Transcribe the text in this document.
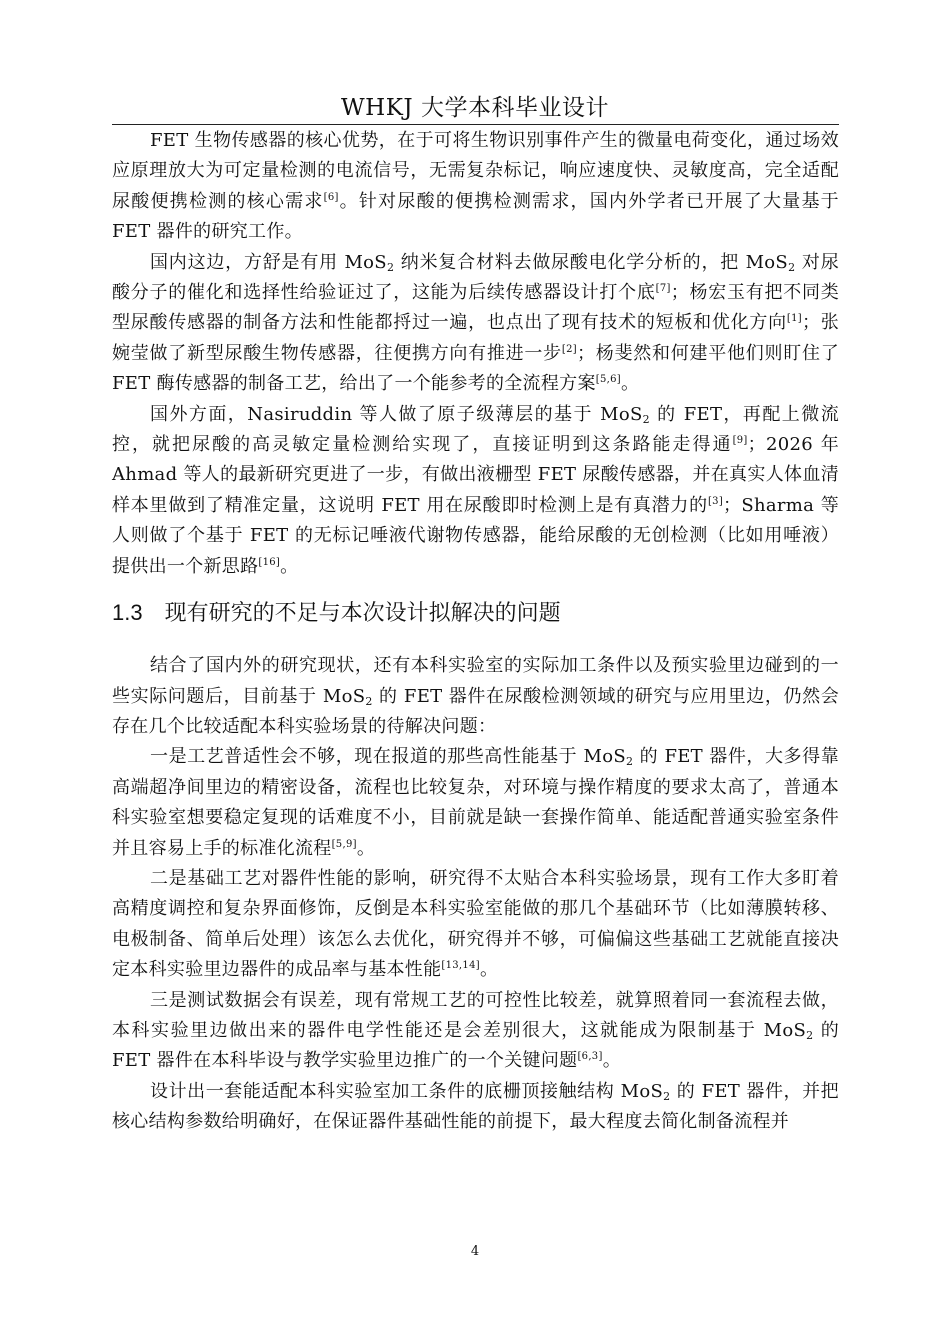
WHKJ 大学本科毕业设计

FET 生物传感器的核心优势，在于可将生物识别事件产生的微量电荷变化，通过场效应原理放大为可定量检测的电流信号，无需复杂标记，响应速度快、灵敏度高，完全适配尿酸便携检测的核心需求[6]。针对尿酸的便携检测需求，国内外学者已开展了大量基于 FET 器件的研究工作。

国内这边，方舒是有用 MoS$_2$ 纳米复合材料去做尿酸电化学分析的，把 MoS$_2$ 对尿酸分子的催化和选择性给验证过了，这能为后续传感器设计打个底[7]；杨宏玉有把不同类型尿酸传感器的制备方法和性能都捋过一遍，也点出了现有技术的短板和优化方向[1]；张婉莹做了新型尿酸生物传感器，往便携方向有推进一步[2]；杨斐然和何建平他们则盯住了 FET 酶传感器的制备工艺，给出了一个能参考的全流程方案[5,6]。

国外方面，Nasiruddin 等人做了原子级薄层的基于 MoS$_2$ 的 FET，再配上微流控，就把尿酸的高灵敏定量检测给实现了，直接证明到这条路能走得通[9]；2026 年 Ahmad 等人的最新研究更进了一步，有做出液栅型 FET 尿酸传感器，并在真实人体血清样本里做到了精准定量，这说明 FET 用在尿酸即时检测上是有真潜力的[3]；Sharma 等人则做了个基于 FET 的无标记唾液代谢物传感器，能给尿酸的无创检测（比如用唾液）提供出一个新思路[16]。

1.3 现有研究的不足与本次设计拟解决的问题

结合了国内外的研究现状，还有本科实验室的实际加工条件以及预实验里边碰到的一些实际问题后，目前基于 MoS$_2$ 的 FET 器件在尿酸检测领域的研究与应用里边，仍然会存在几个比较适配本科实验场景的待解决问题：

一是工艺普适性会不够，现在报道的那些高性能基于 MoS$_2$ 的 FET 器件，大多得靠高端超净间里边的精密设备，流程也比较复杂，对环境与操作精度的要求太高了，普通本科实验室想要稳定复现的话难度不小，目前就是缺一套操作简单、能适配普通实验室条件并且容易上手的标准化流程[5,9]。

二是基础工艺对器件性能的影响，研究得不太贴合本科实验场景，现有工作大多盯着高精度调控和复杂界面修饰，反倒是本科实验室能做的那几个基础环节（比如薄膜转移、电极制备、简单后处理）该怎么去优化，研究得并不够，可偏偏这些基础工艺就能直接决定本科实验里边器件的成品率与基本性能[13,14]。

三是测试数据会有误差，现有常规工艺的可控性比较差，就算照着同一套流程去做，本科实验里边做出来的器件电学性能还是会差别很大，这就能成为限制基于 MoS$_2$ 的 FET 器件在本科毕设与教学实验里边推广的一个关键问题[6,3]。

设计出一套能适配本科实验室加工条件的底栅顶接触结构 MoS$_2$ 的 FET 器件，并把核心结构参数给明确好，在保证器件基础性能的前提下，最大程度去简化制备流程并

4
